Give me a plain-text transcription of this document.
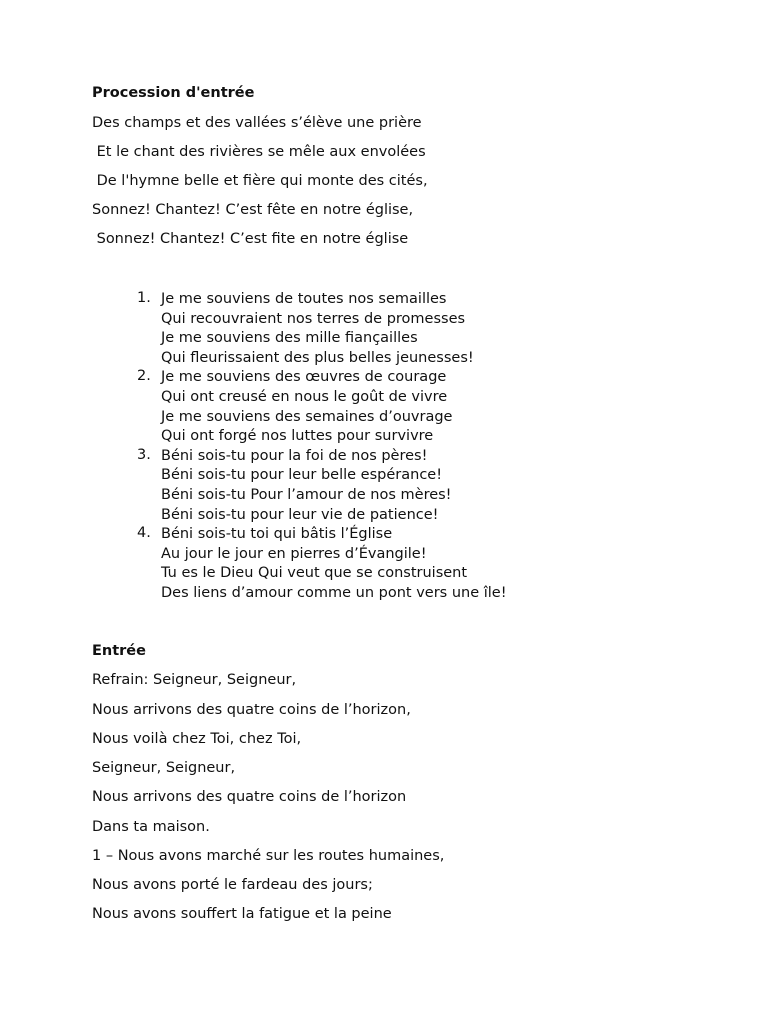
Procession d'entrée
Des champs et des vallées s’élève une prière
Et le chant des rivières se mêle aux envolées
De l'hymne belle et fière qui monte des cités,
Sonnez! Chantez! C’est fête en notre église,
Sonnez! Chantez! C’est fite en notre église
1. Je me souviens de toutes nos semailles
Qui recouvraient nos terres de promesses
Je me souviens des mille fiançailles
Qui fleurissaient des plus belles jeunesses!
2. Je me souviens des œuvres de courage
Qui ont creusé en nous le goût de vivre
Je me souviens des semaines d’ouvrage
Qui ont forgé nos luttes pour survivre
3. Béni sois-tu pour la foi de nos pères!
Béni sois-tu pour leur belle espérance!
Béni sois-tu Pour l’amour de nos mères!
Béni sois-tu pour leur vie de patience!
4. Béni sois-tu toi qui bâtis l’Église
Au jour le jour en pierres d’Évangile!
Tu es le Dieu Qui veut que se construisent
Des liens d’amour comme un pont vers une île!
Entrée
Refrain: Seigneur, Seigneur,
Nous arrivons des quatre coins de l’horizon,
Nous voilà chez Toi, chez Toi,
Seigneur, Seigneur,
Nous arrivons des quatre coins de l’horizon
Dans ta maison.
1 – Nous avons marché sur les routes humaines,
Nous avons porté le fardeau des jours;
Nous avons souffert la fatigue et la peine
